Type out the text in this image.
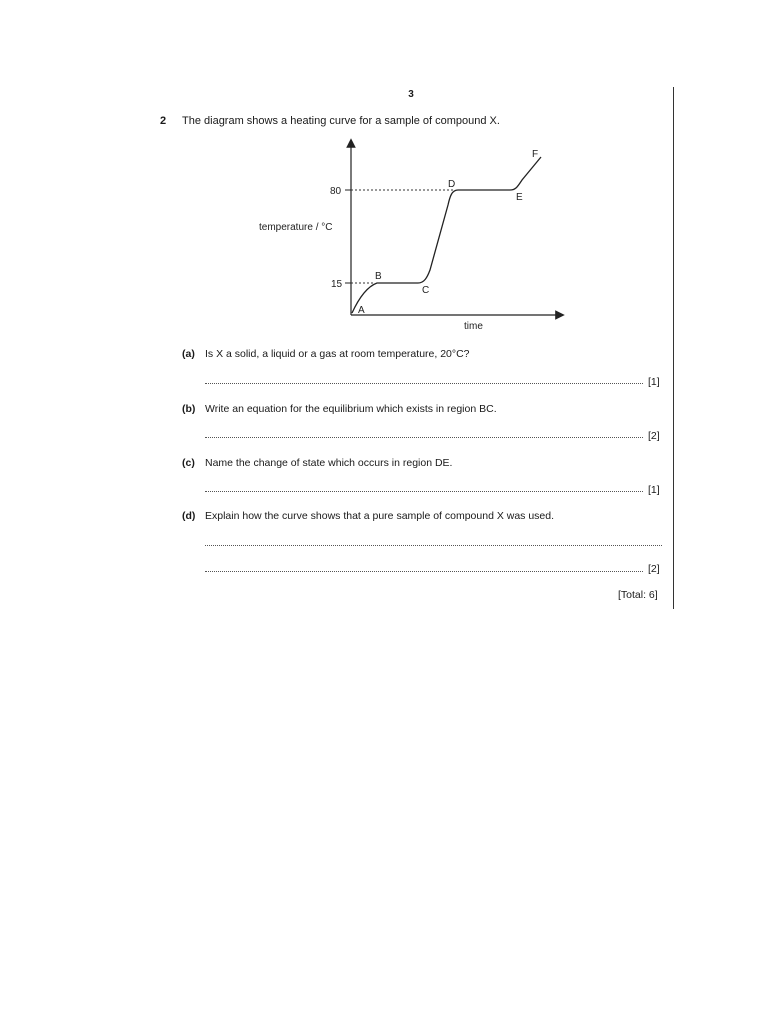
3
2 The diagram shows a heating curve for a sample of compound X.
80
15
temperature / °C
time
A
B
C
D
E
F
(a) Is X a solid, a liquid or a gas at room temperature, 20°C?
[1]
(b) Write an equation for the equilibrium which exists in region BC.
[2]
(c) Name the change of state which occurs in region DE.
[1]
(d) Explain how the curve shows that a pure sample of compound X was used.
[2]
[Total: 6]
